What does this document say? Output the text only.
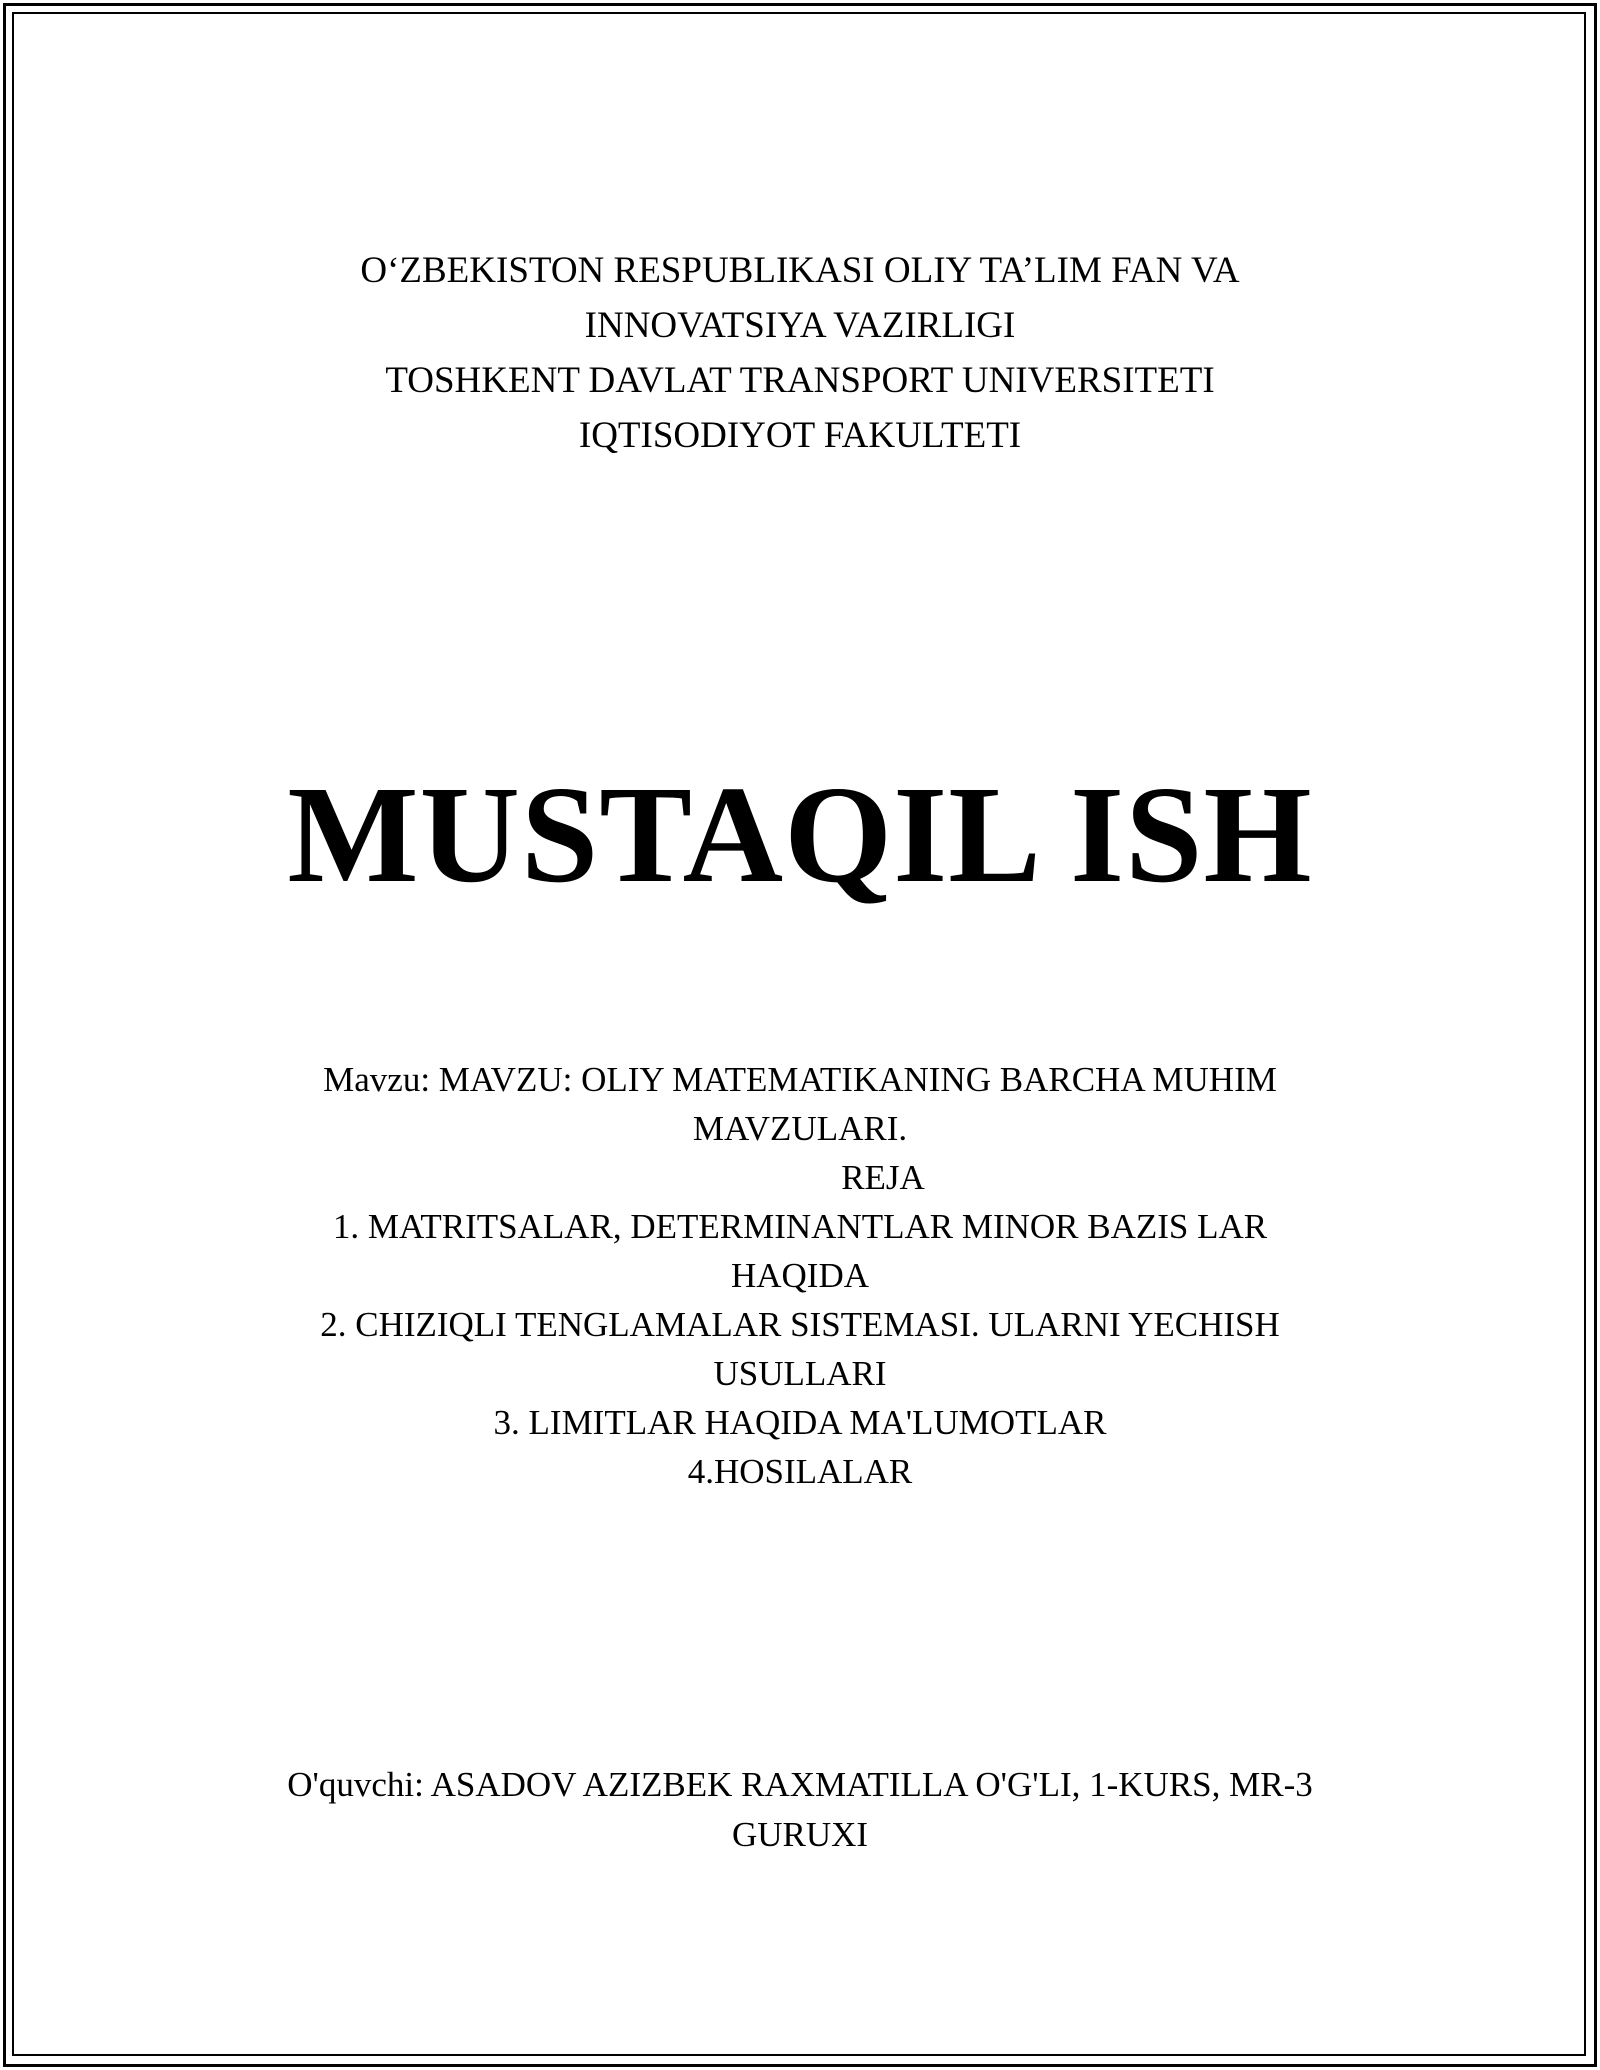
O‘ZBEKISTON RESPUBLIKASI OLIY TA’LIM FAN VA
INNOVATSIYA VAZIRLIGI
TOSHKENT DAVLAT TRANSPORT UNIVERSITETI
IQTISODIYOT FAKULTETI
MUSTAQIL ISH
Mavzu: MAVZU: OLIY MATEMATIKANING BARCHA MUHIM
MAVZULARI.
REJA
1. MATRITSALAR, DETERMINANTLAR MINOR BAZIS LAR
HAQIDA
2. CHIZIQLI TENGLAMALAR SISTEMASI. ULARNI YECHISH
USULLARI
3. LIMITLAR HAQIDA MA'LUMOTLAR
4.HOSILALAR
O'quvchi: ASADOV AZIZBEK RAXMATILLA O'G'LI, 1-KURS, MR-3
GURUXI
